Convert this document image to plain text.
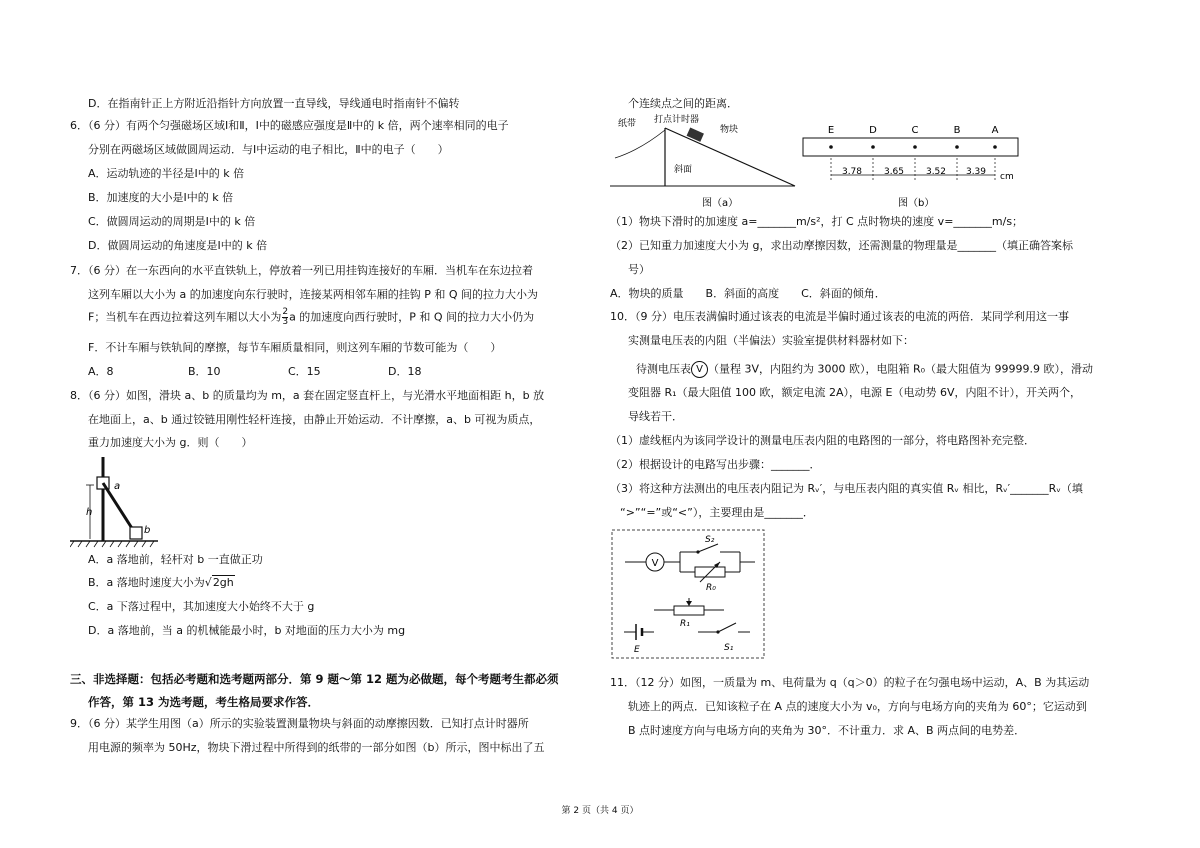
D．在指南针正上方附近沿指针方向放置一直导线，导线通电时指南针不偏转
6．（6 分）有两个匀强磁场区域Ⅰ和Ⅱ，Ⅰ中的磁感应强度是Ⅱ中的 k 倍，两个速率相同的电子
分别在两磁场区域做圆周运动．与Ⅰ中运动的电子相比，Ⅱ中的电子（　　）
A．运动轨迹的半径是Ⅰ中的 k 倍
B．加速度的大小是Ⅰ中的 k 倍
C．做圆周运动的周期是Ⅰ中的 k 倍
D．做圆周运动的角速度是Ⅰ中的 k 倍
7．（6 分）在一东西向的水平直铁轨上，停放着一列已用挂钩连接好的车厢．当机车在东边拉着
这列车厢以大小为 a 的加速度向东行驶时，连接某两相邻车厢的挂钩 P 和 Q 间的拉力大小为
F；当机车在西边拉着这列车厢以大小为 $\frac{2}{3}$ a 的加速度向西行驶时，P 和 Q 间的拉力大小仍为
F．不计车厢与铁轨间的摩擦，每节车厢质量相同，则这列车厢的节数可能为（　　）
A．8	B．10	C．15	D．18
8．（6 分）如图，滑块 a、b 的质量均为 m，a 套在固定竖直杆上，与光滑水平地面相距 h，b 放
在地面上，a、b 通过铰链用刚性轻杆连接，由静止开始运动．不计摩擦，a、b 可视为质点，
重力加速度大小为 g．则（　　）
h
a
b
A．a 落地前，轻杆对 b 一直做正功
B．a 落地时速度大小为√2gh
C．a 下落过程中，其加速度大小始终不大于 g
D．a 落地前，当 a 的机械能最小时，b 对地面的压力大小为 mg
三、非选择题：包括必考题和选考题两部分．第 9 题～第 12 题为必做题，每个考题考生都必须
作答，第 13 为选考题，考生格局要求作答．
9．（6 分）某学生用图（a）所示的实验装置测量物块与斜面的动摩擦因数．已知打点计时器所
用电源的频率为 50Hz，物块下滑过程中所得到的纸带的一部分如图（b）所示，图中标出了五
个连续点之间的距离．
纸带 打点计时器
物块
斜面
图（a）
E	D	C	B	A
3.78 3.65 3.52 3.39 cm
图（b）
（1）物块下滑时的加速度 a=_______m/s²，打 C 点时物块的速度 v=_______m/s；
（2）已知重力加速度大小为 g，求出动摩擦因数，还需测量的物理量是_______（填正确答案标
号）
A．物块的质量　　B．斜面的高度　　C．斜面的倾角．
10．（9 分）电压表满偏时通过该表的电流是半偏时通过该表的电流的两倍．某同学利用这一事
实测量电压表的内阻（半偏法）实验室提供材料器材如下：
待测电压表 V （量程 3V，内阻约为 3000 欧），电阻箱 R₀（最大阻值为 99999.9 欧），滑动
变阻器 R₁（最大阻值 100 欧，额定电流 2A），电源 E（电动势 6V，内阻不计），开关两个，
导线若干．
（1）虚线框内为该同学设计的测量电压表内阻的电路图的一部分，将电路图补充完整．
（2）根据设计的电路写出步骤：_______．
（3）将这种方法测出的电压表内阻记为 Rᵥ′，与电压表内阻的真实值 Rᵥ 相比，Rᵥ′_______Rᵥ（填
“>”“=”或“<”），主要理由是_______．
V
S₂
R₀
R₁
E	S₁
11．（12 分）如图，一质量为 m、电荷量为 q（q＞0）的粒子在匀强电场中运动，A、B 为其运动
轨迹上的两点．已知该粒子在 A 点的速度大小为 v₀，方向与电场方向的夹角为 60°；它运动到
B 点时速度方向与电场方向的夹角为 30°．不计重力．求 A、B 两点间的电势差．
第 2 页（共 4 页）
